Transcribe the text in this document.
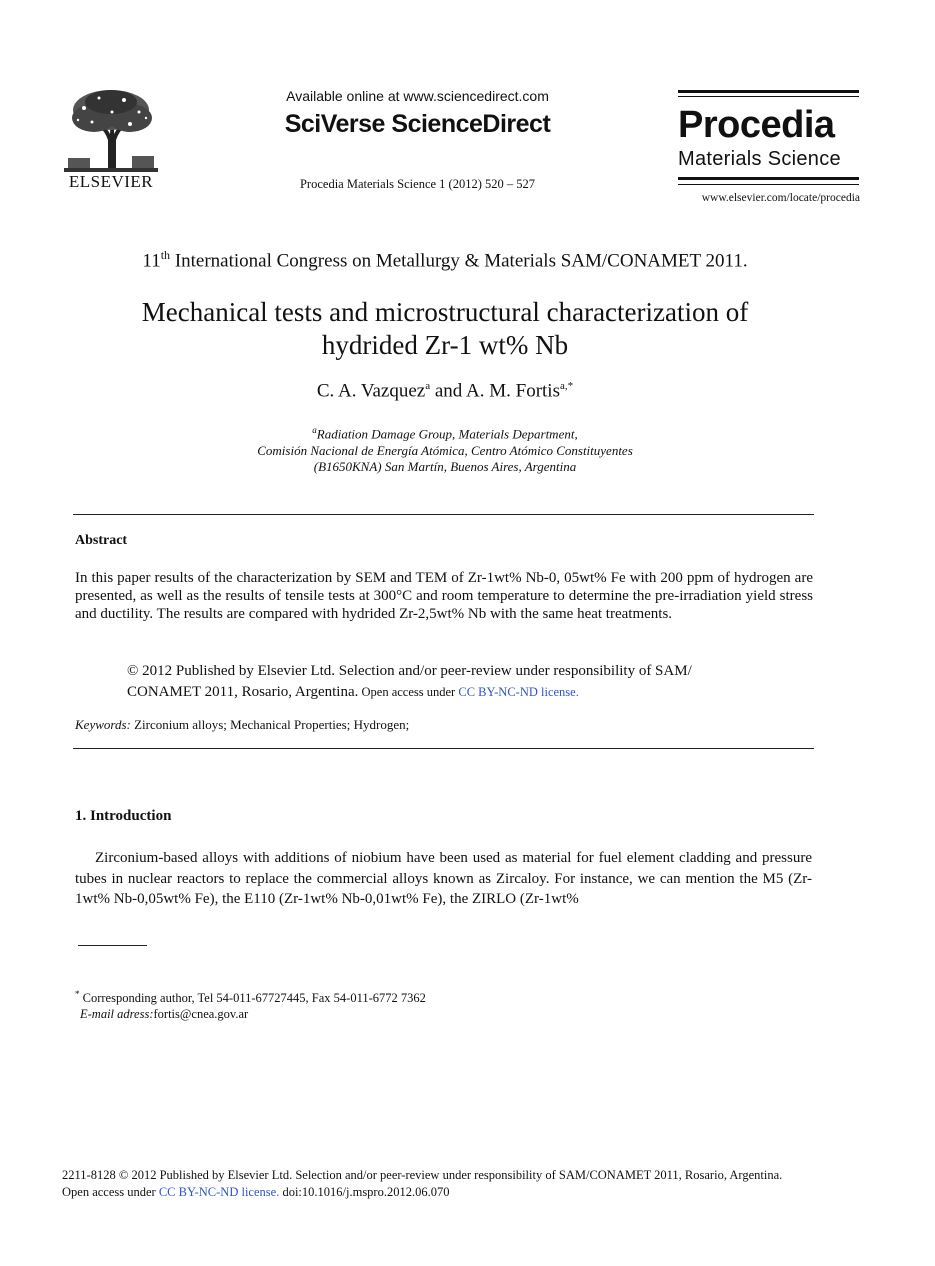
ELSEVIER
Available online at www.sciencedirect.com
SciVerse ScienceDirect
Procedia Materials Science 1 (2012) 520 – 527
Procedia
Materials Science
www.elsevier.com/locate/procedia
11th International Congress on Metallurgy & Materials SAM/CONAMET 2011.
Mechanical tests and microstructural characterization of
hydrided Zr-1 wt% Nb
C. A. Vazquez$^a$ and A. M. Fortis$^{a,*}$
$^a$Radiation Damage Group, Materials Department,
Comisión Nacional de Energía Atómica, Centro Atómico Constituyentes
(B1650KNA) San Martín, Buenos Aires, Argentina
Abstract
In this paper results of the characterization by SEM and TEM of Zr-1wt% Nb-0, 05wt% Fe with 200 ppm of hydrogen are presented, as well as the results of tensile tests at 300°C and room temperature to determine the pre-irradiation yield stress and ductility. The results are compared with hydrided Zr-2,5wt% Nb with the same heat treatments.
© 2012 Published by Elsevier Ltd. Selection and/or peer-review under responsibility of SAM/
CONAMET 2011, Rosario, Argentina. Open access under CC BY-NC-ND license.
Keywords: Zirconium alloys; Mechanical Properties; Hydrogen;
1. Introduction
Zirconium-based alloys with additions of niobium have been used as material for fuel element cladding and pressure tubes in nuclear reactors to replace the commercial alloys known as Zircaloy. For instance, we can mention the M5 (Zr-1wt% Nb-0,05wt% Fe), the E110 (Zr-1wt% Nb-0,01wt% Fe), the ZIRLO (Zr-1wt%
* Corresponding author, Tel 54-011-67727445, Fax 54-011-6772 7362
E-mail adress:fortis@cnea.gov.ar
2211-8128 © 2012 Published by Elsevier Ltd. Selection and/or peer-review under responsibility of SAM/CONAMET 2011, Rosario, Argentina.
Open access under CC BY-NC-ND license. doi:10.1016/j.mspro.2012.06.070
